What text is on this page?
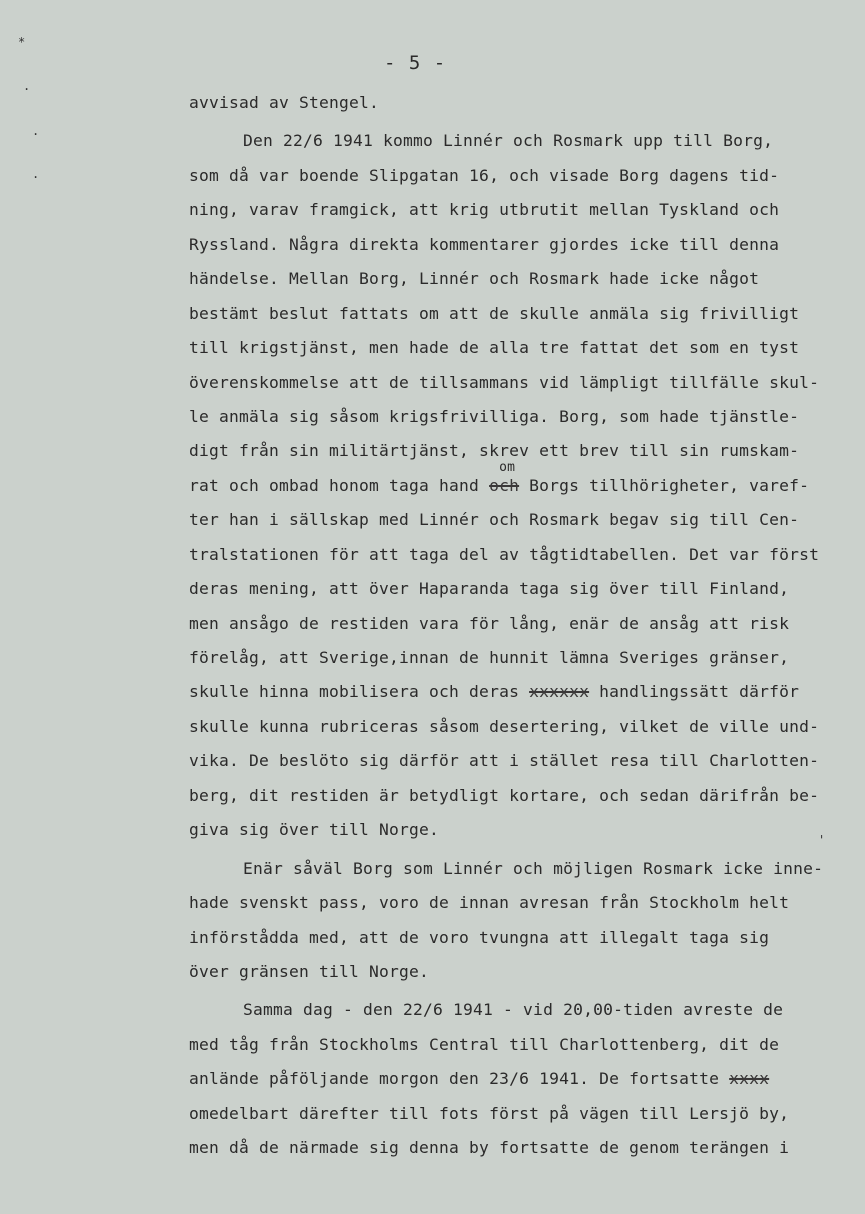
*
.
.
.
'
- 5 -
avvisad av Stengel.
Den 22/6 1941 kommo Linnér och Rosmark upp till Borg,
som då var boende Slipgatan 16, och visade Borg dagens tid-
ning, varav framgick, att krig utbrutit mellan Tyskland och
Ryssland. Några direkta kommentarer gjordes icke till denna
händelse. Mellan Borg, Linnér och Rosmark hade icke något
bestämt beslut fattats om att de skulle anmäla sig frivilligt
till krigstjänst, men hade de alla tre fattat det som en tyst
överenskommelse att de tillsammans vid lämpligt tillfälle skul-
le anmäla sig såsom krigsfrivilliga. Borg, som hade tjänstle-
digt från sin militärtjänst, skrev ett brev till sin rumskam-
rat och ombad honom taga hand och
om
Borgs tillhörigheter, varef-
ter han i sällskap med Linnér och Rosmark begav sig till Cen-
tralstationen för att taga del av tågtidtabellen. Det var först
deras mening, att över Haparanda taga sig över till Finland,
men ansågo de restiden vara för lång, enär de ansåg att risk
förelåg, att Sverige,innan de hunnit lämna Sveriges gränser,
skulle hinna mobilisera och deras xxxxxx handlingssätt därför
skulle kunna rubriceras såsom desertering, vilket de ville und-
vika. De beslöto sig därför att i stället resa till Charlotten-
berg, dit restiden är betydligt kortare, och sedan därifrån be-
giva sig över till Norge.
Enär såväl Borg som Linnér och möjligen Rosmark icke inne-
hade svenskt pass, voro de innan avresan från Stockholm helt
införstådda med, att de voro tvungna att illegalt taga sig
över gränsen till Norge.
Samma dag - den 22/6 1941 - vid 20,00-tiden avreste de
med tåg från Stockholms Central till Charlottenberg, dit de
anlände påföljande morgon den 23/6 1941. De fortsatte xxxx
omedelbart därefter till fots först på vägen till Lersjö by,
men då de närmade sig denna by fortsatte de genom terängen i
